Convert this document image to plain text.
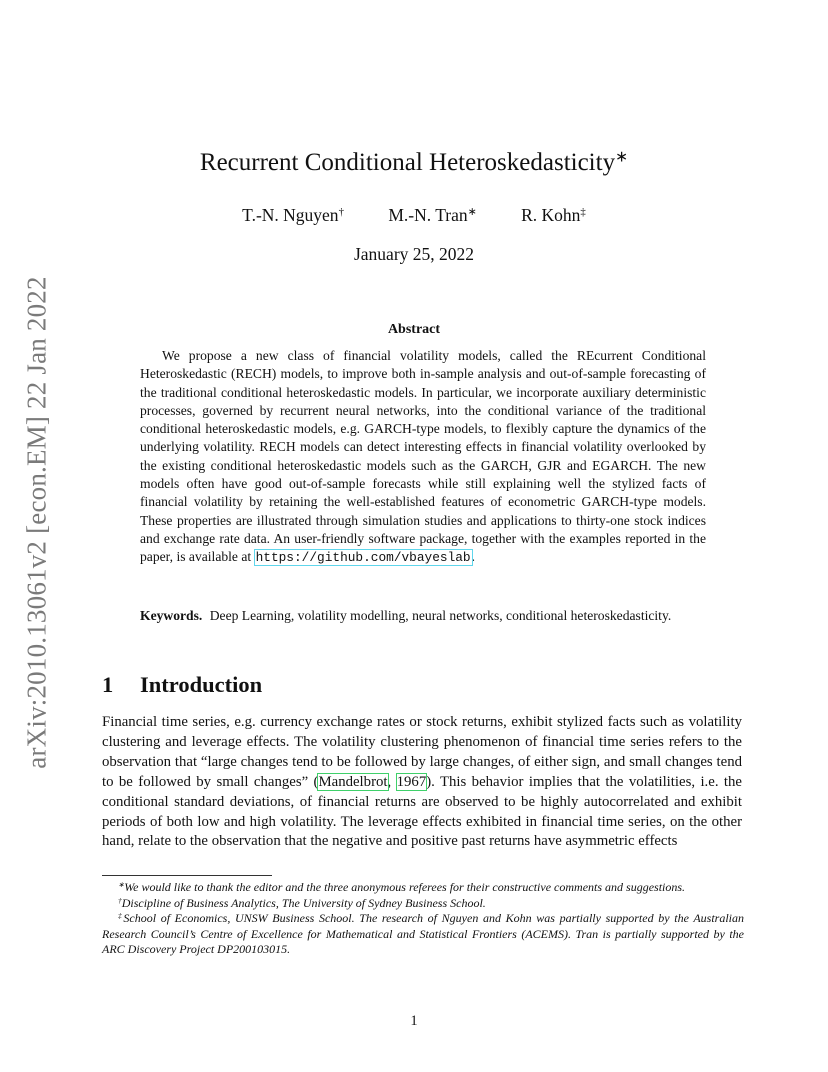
arXiv:2010.13061v2 [econ.EM] 22 Jan 2022
Recurrent Conditional Heteroskedasticity∗
T.-N. Nguyen†	M.-N. Tran∗	R. Kohn‡
January 25, 2022
Abstract

We propose a new class of financial volatility models, called the REcurrent Conditional Heteroskedastic (RECH) models, to improve both in-sample analysis and out-of-sample forecasting of the traditional conditional heteroskedastic models. In particular, we incorporate auxiliary deterministic processes, governed by recurrent neural networks, into the conditional variance of the traditional conditional heteroskedastic models, e.g. GARCH-type models, to flexibly capture the dynamics of the underlying volatility. RECH models can detect interesting effects in financial volatility overlooked by the existing conditional heteroskedastic models such as the GARCH, GJR and EGARCH. The new models often have good out-of-sample forecasts while still explaining well the stylized facts of financial volatility by retaining the well-established features of econometric GARCH-type models. These properties are illustrated through simulation studies and applications to thirty-one stock indices and exchange rate data. An user-friendly software package, together with the examples reported in the paper, is available at https://github.com/vbayeslab.

Keywords. Deep Learning, volatility modelling, neural networks, conditional heteroskedasticity.

1 Introduction

Financial time series, e.g. currency exchange rates or stock returns, exhibit stylized facts such as volatility clustering and leverage effects. The volatility clustering phenomenon of financial time series refers to the observation that “large changes tend to be followed by large changes, of either sign, and small changes tend to be followed by small changes” (Mandelbrot, 1967). This behavior implies that the volatilities, i.e. the conditional standard deviations, of financial returns are observed to be highly autocorrelated and exhibit periods of both low and high volatility. The leverage effects exhibited in financial time series, on the other hand, relate to the observation that the negative and positive past returns have asymmetric effects

∗We would like to thank the editor and the three anonymous referees for their constructive comments and suggestions.

†Discipline of Business Analytics, The University of Sydney Business School.

‡School of Economics, UNSW Business School. The research of Nguyen and Kohn was partially supported by the Australian Research Council’s Centre of Excellence for Mathematical and Statistical Frontiers (ACEMS). Tran is partially supported by the ARC Discovery Project DP200103015.

1
